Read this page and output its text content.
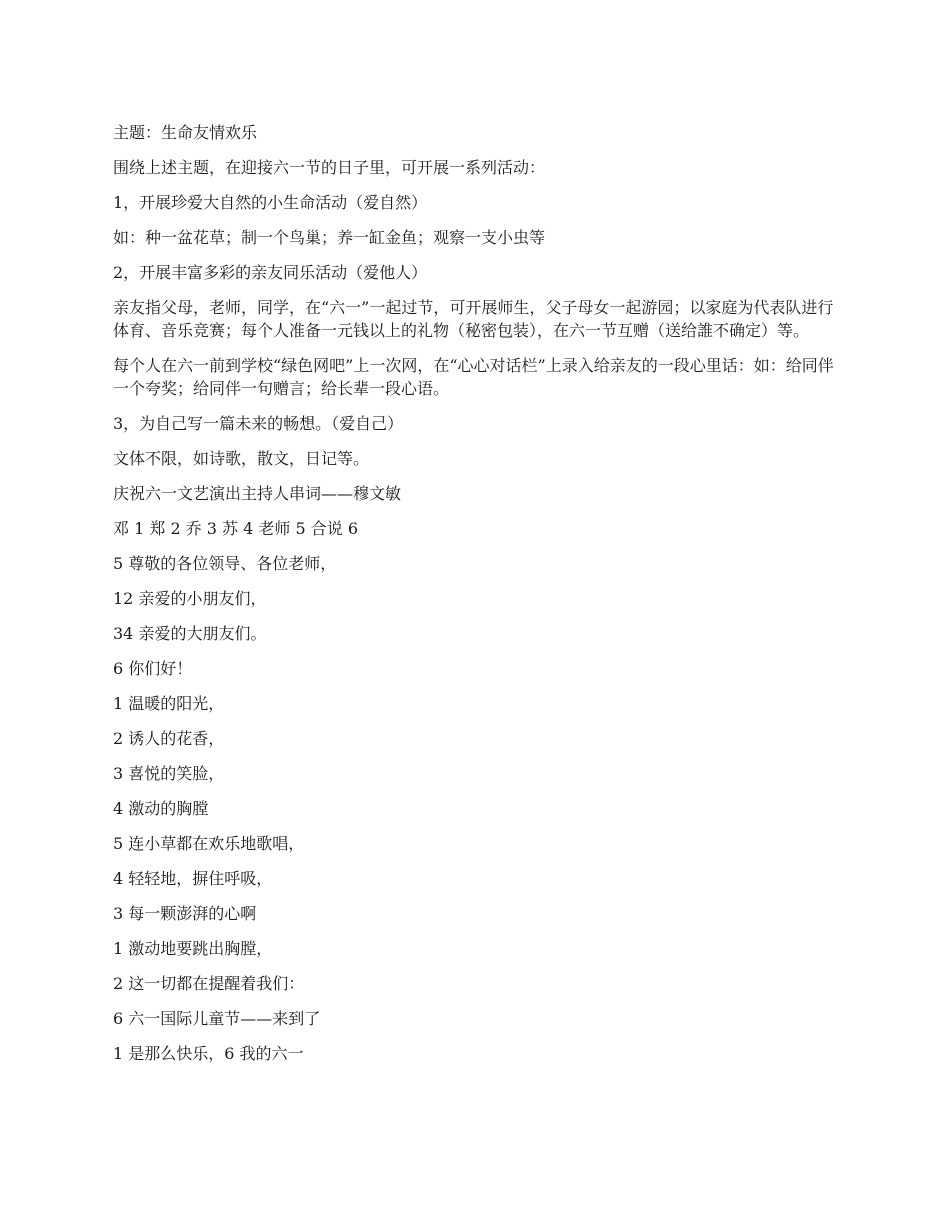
主题：生命友情欢乐

围绕上述主题，在迎接六一节的日子里，可开展一系列活动：

1，开展珍爱大自然的小生命活动（爱自然）

如：种一盆花草；制一个鸟巢；养一缸金鱼；观察一支小虫等

2，开展丰富多彩的亲友同乐活动（爱他人）

亲友指父母，老师，同学，在“六一”一起过节，可开展师生，父子母女一起游园；以家庭为代表队进行体育、音乐竞赛；每个人准备一元钱以上的礼物（秘密包装），在六一节互赠（送给誰不确定）等。

每个人在六一前到学校“绿色网吧”上一次网，在“心心对话栏”上录入给亲友的一段心里话：如：给同伴一个夸奖；给同伴一句赠言；给长辈一段心语。

3，为自己写一篇未来的畅想。（爱自己）

文体不限，如诗歌，散文，日记等。

庆祝六一文艺演出主持人串词——穆文敏

邓 1 郑 2 乔 3 苏 4 老师 5 合说 6

5 尊敬的各位领导、各位老师，

12 亲爱的小朋友们，

34 亲爱的大朋友们。

6 你们好！

1 温暖的阳光，

2 诱人的花香，

3 喜悦的笑脸，

4 激动的胸膛

5 连小草都在欢乐地歌唱，

4 轻轻地，摒住呼吸，

3 每一颗澎湃的心啊

1 激动地要跳出胸膛，

2 这一切都在提醒着我们：

6 六一国际儿童节——来到了

1 是那么快乐，6 我的六一
